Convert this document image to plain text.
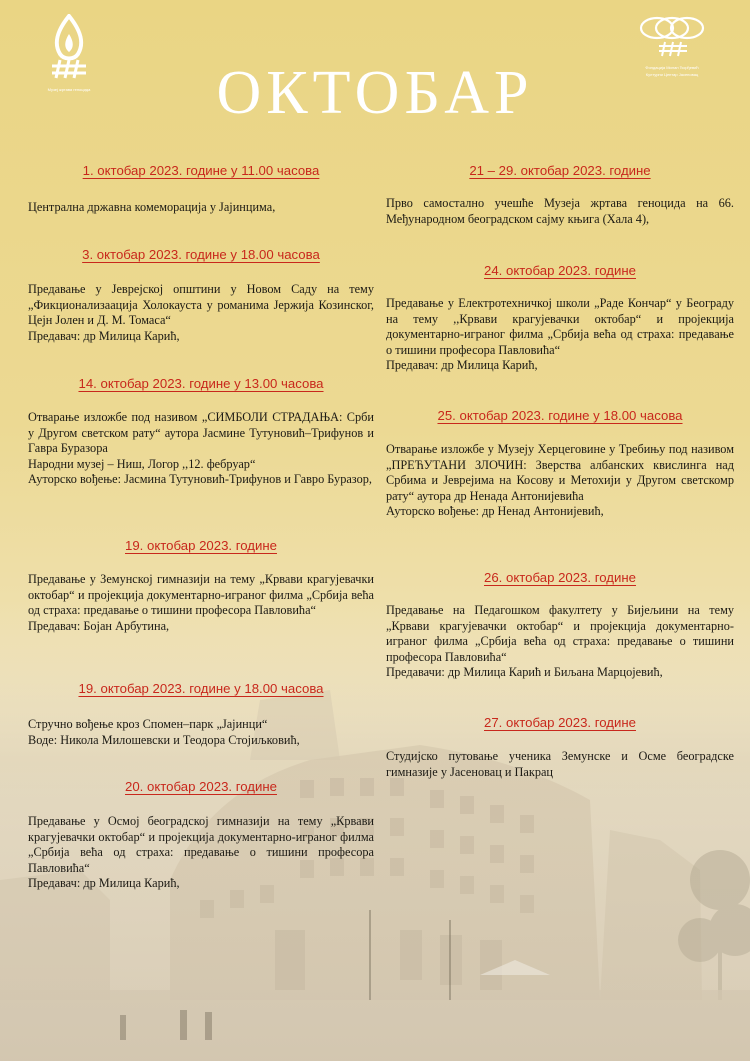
Музеј жртава геноцида
Фондација Милан Ђорђевић
Културни Центар Јасеновац
ОКТОБАР
1. октобар 2023. године у 11.00 часова
Централна државна комеморација у Јајинцима,
3. октобар 2023. године у 18.00 часова
Предавање у Јеврејској општини у Новом Саду на тему „Фикционализаација Холокауста у романима Јержија Козинског, Цејн Јолен и Д. М. Томаса“
Предавач: др Милица Карић,
14. октобар 2023. године у 13.00 часова
Отварање изложбе под називом „СИМБОЛИ СТРАДАЊА: Срби у Другом светском рату“ аутора Јасмине Тутуновић–Трифунов и Гавра Буразора
Народни музеј – Ниш, Логор ,,12. фебруар“
Ауторско вођење: Јасмина Тутуновић-Трифунов и Гавро Буразор,
19. октобар 2023. године
Предавање у Земунској гимназији на тему „Крвави крагујевачки октобар“ и пројекција документарно-играног филма „Србија већа од страха: предавање о тишини професора Павловића“
Предавач: Бојан Арбутина,
19. октобар 2023. године у 18.00 часова
Стручно вођење кроз Спомен–парк „Јајинци“
Воде: Никола Милошевски и Теодора Стојиљковић,
20. октобар 2023. године
Предавање у Осмој београдској гимназији на тему „Крвави крагујевачки октобар“ и пројекција документарно-играног филма „Србија већа од страха: предавање о тишини професора Павловића“
Предавач: др Милица Карић,
21 – 29. октобар 2023. године
Прво самостално учешће Музеја жртава геноцида на 66. Међународном београдском сајму књига (Хала 4),
24. октобар 2023. године
Предавање у Електротехничкој школи „Раде Кончар“ у Београду на тему ,,Крвави крагујевачки октобар“ и пројекција документарно-играног филма „Србија већа од страха: предавање о тишини професора Павловића“
Предавач: др Милица Карић,
25. октобар 2023. године у 18.00 часова
Отварање изложбе у Музеју Херцеговине у Требињу под називом „ПРЕЋУТАНИ ЗЛОЧИН: Зверства албанских квислинга над Србима и Јеврејима на Косову и Метохији у Другом светскомр рату“ аутора др Ненада Антонијевића
Ауторско вођење: др Ненад Антонијевић,
26. октобар 2023. године
Предавање на Педагошком факултету у Бијељини на тему „Крвави крагујевачки октобар“ и пројекција документарно-играног филма „Србија већа од страха: предавање о тишини професора Павловића“
Предавачи: др Милица Карић и Биљана Марцојевић,
27. октобар 2023. године
Студијско путовање ученика Земунске и Осме београдске гимназије у Јасеновац и Пакрац
